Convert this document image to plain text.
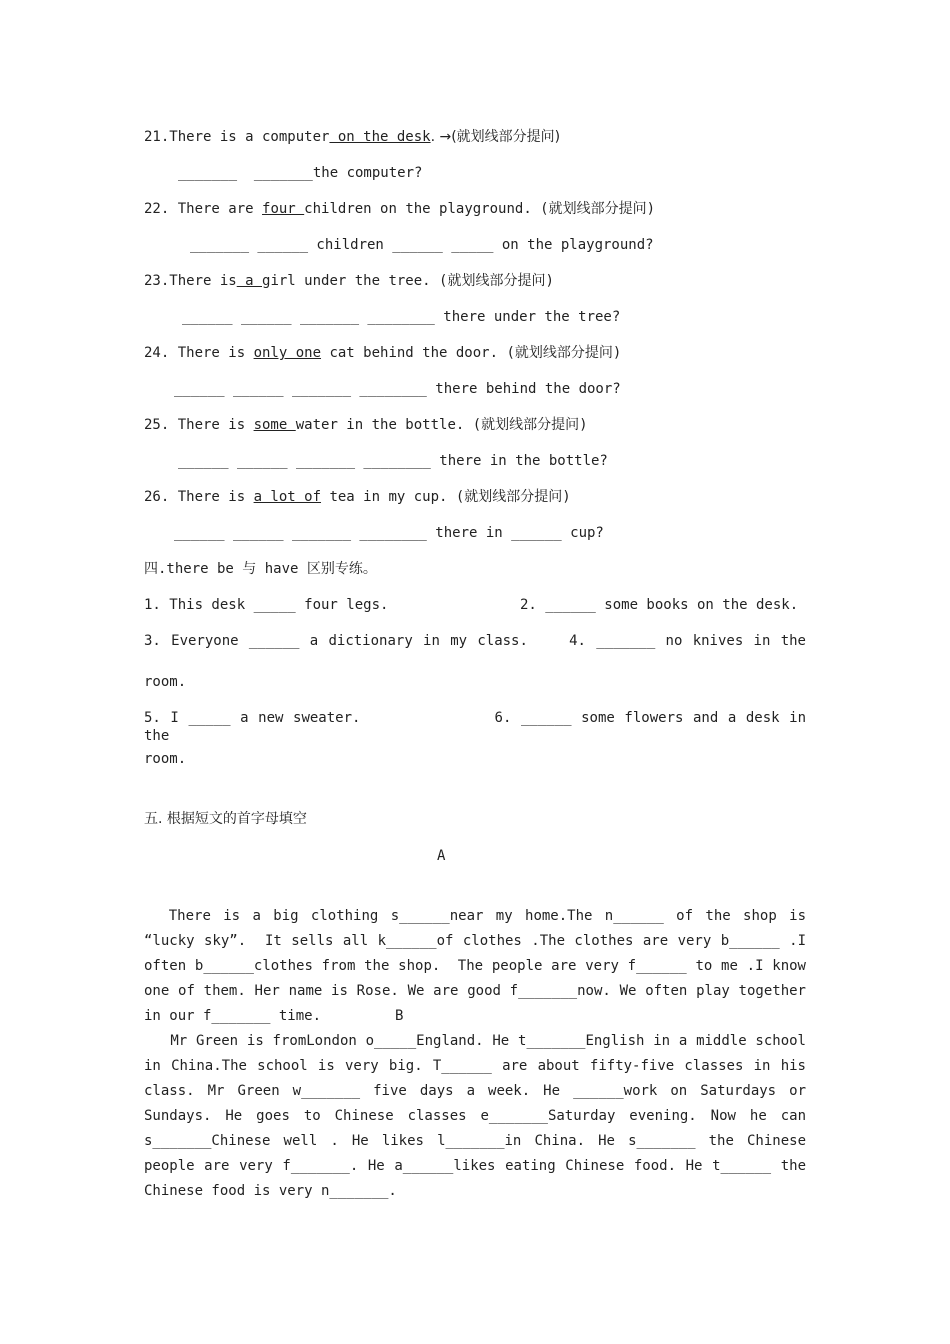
21.There is a computer on the desk. →(就划线部分提问)
_______  _______the computer?
22. There are four children on the playground. (就划线部分提问)
_______ ______ children ______ _____ on the playground?
23.There is a girl under the tree. (就划线部分提问)
______ ______ _______ ________ there under the tree?
24. There is only one cat behind the door. (就划线部分提问)
______ ______ _______ ________ there behind the door?
25. There is some water in the bottle. (就划线部分提问)
______ ______ _______ ________ there in the bottle?
26. There is a lot of tea in my cup. (就划线部分提问)
______ ______ _______ ________ there in ______ cup?
四.there be 与 have 区别专练。
1. This desk _____ four legs.	2. ______ some books on the desk.
3. Everyone ______ a dictionary in my class.	4. _______ no knives in the
room.
5. I _____ a new sweater.	6. ______ some flowers and a desk in the
room.
五. 根据短文的首字母填空
A

There is a big clothing s______near my home.The n______ of the shop is
“lucky sky”.  It sells all k______of clothes .The clothes are very b______ .I
often b______clothes from the shop.  The people are very f______ to me .I know
one of them. Her name is Rose. We are good f_______now. We often play together
in our f_______ time.	B
Mr Green is fromLondon o_____England. He t_______English in a middle school
in China.The school is very big. T______ are about fifty-five classes in his
class. Mr Green w_______ five days a week. He ______work on Saturdays or
Sundays. He goes to Chinese classes e_______Saturday evening. Now he can
s_______Chinese well . He likes l_______in China. He s_______ the Chinese
people are very f_______. He a______likes eating Chinese food. He t______ the
Chinese food is very n_______.
